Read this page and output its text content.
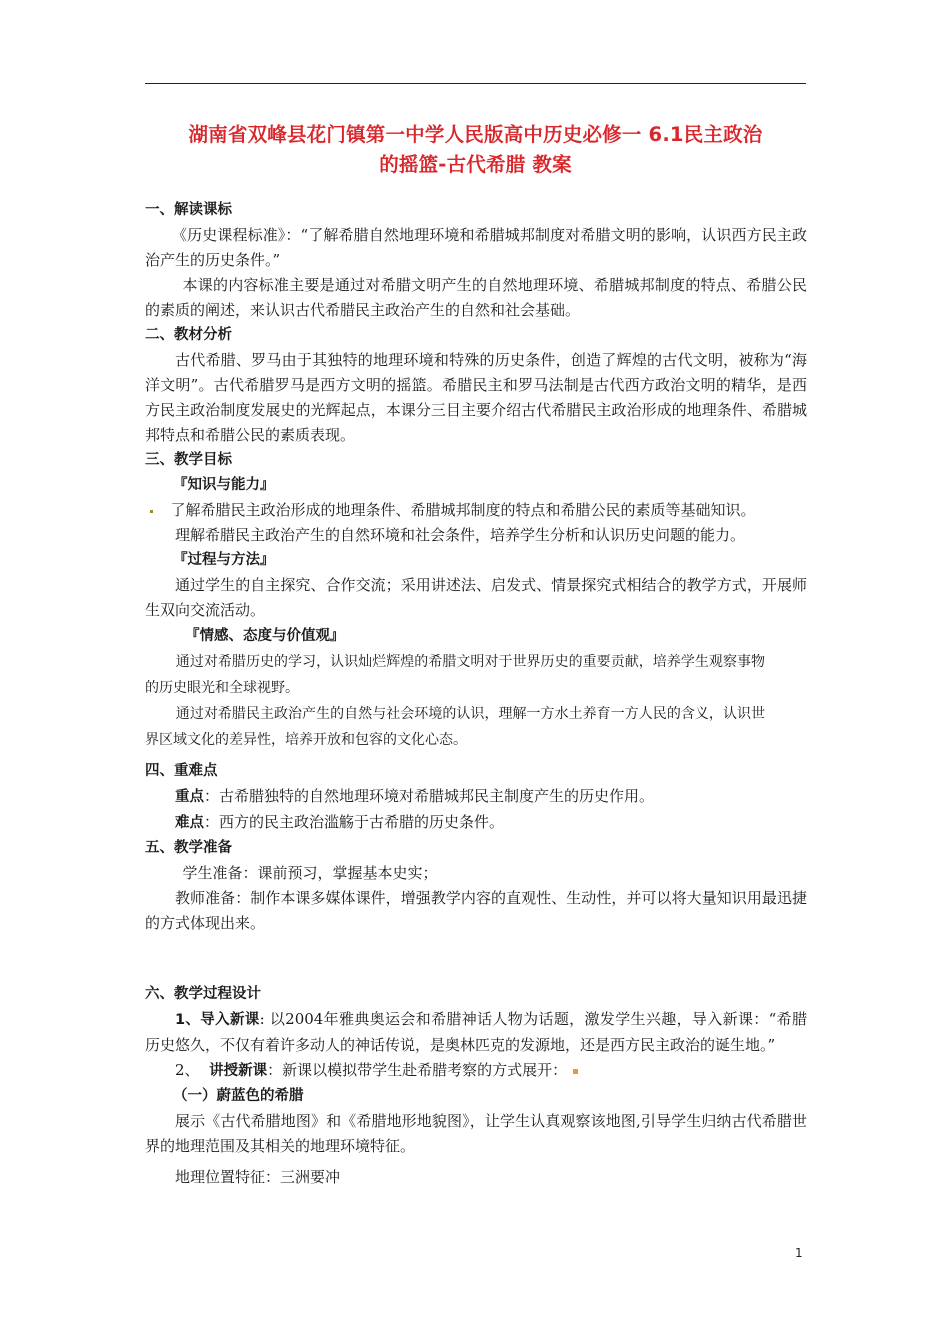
湖南省双峰县花门镇第一中学人民版高中历史必修一 6.1民主政治
的摇篮-古代希腊 教案

一、解读课标

《历史课程标准》：“了解希腊自然地理环境和希腊城邦制度对希腊文明的影响，认识西方民主政治产生的历史条件。”

本课的内容标准主要是通过对希腊文明产生的自然地理环境、希腊城邦制度的特点、希腊公民的素质的阐述，来认识古代希腊民主政治产生的自然和社会基础。

二、教材分析

古代希腊、罗马由于其独特的地理环境和特殊的历史条件，创造了辉煌的古代文明，被称为“海洋文明”。古代希腊罗马是西方文明的摇篮。希腊民主和罗马法制是古代西方政治文明的精华，是西方民主政治制度发展史的光辉起点，本课分三目主要介绍古代希腊民主政治形成的地理条件、希腊城邦特点和希腊公民的素质表现。

三、教学目标

『知识与能力』

了解希腊民主政治形成的地理条件、希腊城邦制度的特点和希腊公民的素质等基础知识。

理解希腊民主政治产生的自然环境和社会条件，培养学生分析和认识历史问题的能力。

『过程与方法』

通过学生的自主探究、合作交流；采用讲述法、启发式、情景探究式相结合的教学方式，开展师生双向交流活动。

『情感、态度与价值观』

通过对希腊历史的学习，认识灿烂辉煌的希腊文明对于世界历史的重要贡献，培养学生观察事物的历史眼光和全球视野。

通过对希腊民主政治产生的自然与社会环境的认识，理解一方水土养育一方人民的含义，认识世界区域文化的差异性，培养开放和包容的文化心态。

四、重难点

重点：古希腊独特的自然地理环境对希腊城邦民主制度产生的历史作用。

难点：西方的民主政治滥觞于古希腊的历史条件。

五、教学准备

学生准备：课前预习，掌握基本史实；

教师准备：制作本课多媒体课件，增强教学内容的直观性、生动性，并可以将大量知识用最迅捷的方式体现出来。

六、教学过程设计

1、导入新课: 以2004年雅典奥运会和希腊神话人物为话题，激发学生兴趣，导入新课：“希腊历史悠久，不仅有着许多动人的神话传说，是奥林匹克的发源地，还是西方民主政治的诞生地。”

2、 讲授新课：新课以模拟带学生赴希腊考察的方式展开：

（一）蔚蓝色的希腊

展示《古代希腊地图》和《希腊地形地貌图》，让学生认真观察该地图,引导学生归纳古代希腊世界的地理范围及其相关的地理环境特征。

地理位置特征：三洲要冲

1
